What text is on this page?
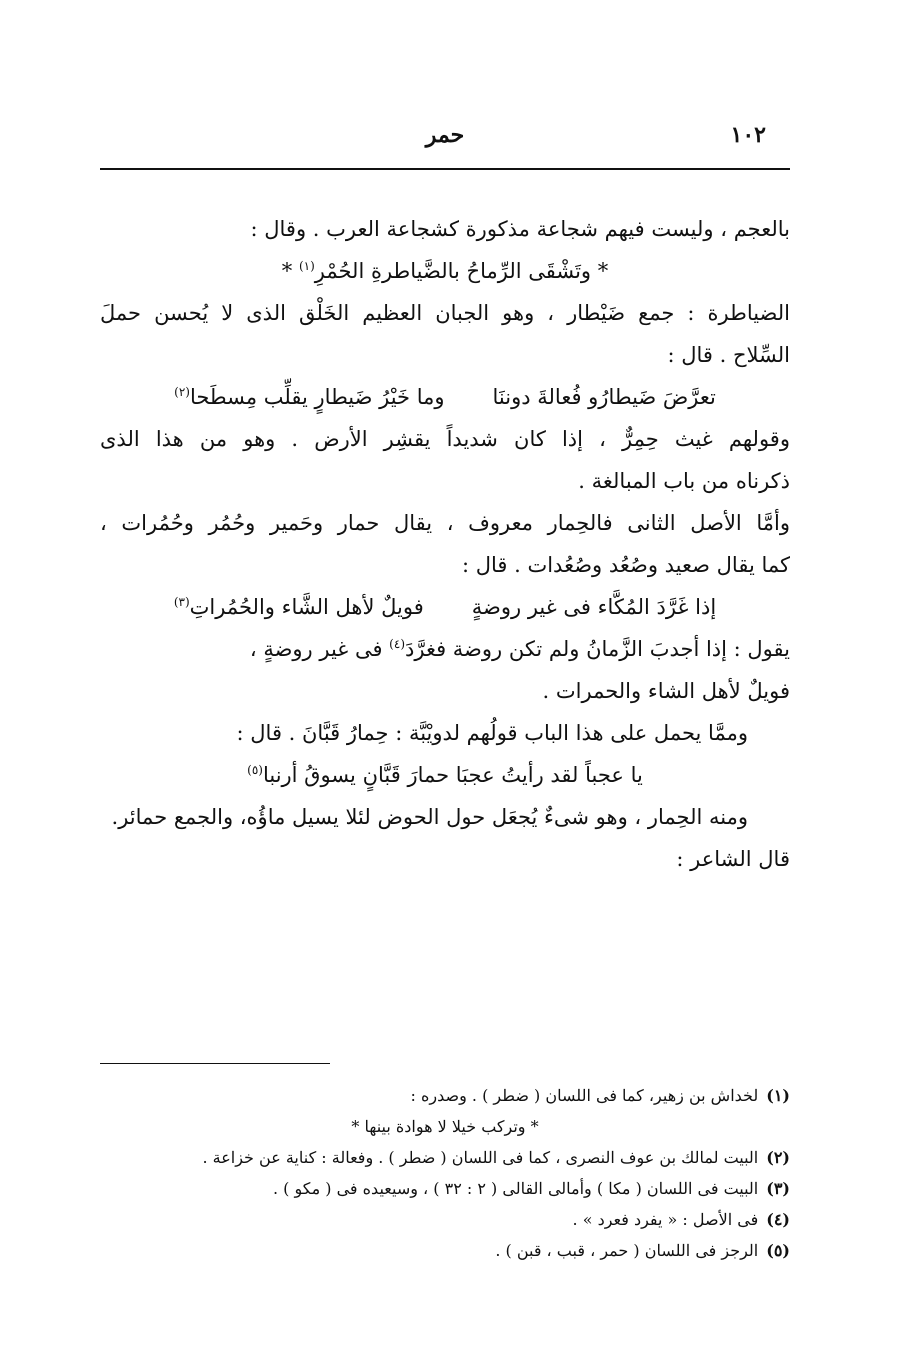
١٠٢
حمر
بالعجم ، وليست فيهم شجاعة مذكورة كشجاعة العرب . وقال :
* وتَشْقَى الرِّماحُ بالضَّياطرةِ الحُمْرِ$^{(١)}$ *
الضياطرة : جمع ضَيْطار ، وهو الجبان العظيم الخَلْق الذى لا يُحسن حملَ
السِّلاح . قال :
تعرَّضَ ضَيطارُو فُعالةَ دوننَا
وما خَيْرُ ضَيطارٍ يقلِّب مِسطَحا$^{(٢)}$
وقولهم غيث حِمِرٌّ ، إذا كان شديداً يقشِر الأرض . وهو من هذا الذى
ذكرناه من باب المبالغة .
وأمَّا الأصل الثانى فالحِمار معروف ، يقال حمار وحَمير وحُمُر وحُمُرات ،
كما يقال صعيد وصُعُد وصُعُدات . قال :
إذا غَرَّدَ المُكَّاء فى غير روضةٍ
فويلٌ لأهل الشَّاء والحُمُراتِ$^{(٣)}$
يقول : إذا أجدبَ الزَّمانُ ولم تكن روضة فغرَّدَ$^{(٤)}$ فى غير روضةٍ ،
فويلٌ لأهل الشاء والحمرات .
وممَّا يحمل على هذا الباب قولُهم لدويْبَّة : حِمارُ قَبَّانَ . قال :
يا عجباً لقد رأيتُ عجبَا حمارَ قَبَّانٍ يسوقُ أرنبا$^{(٥)}$
ومنه الحِمار ، وهو شىءٌ يُجعَل حول الحوض لئلا يسيل ماؤُه، والجمع حمائر.
قال الشاعر :
(١)لخداش بن زهير، كما فى اللسان ( ضطر ) . وصدره :
* وتركب خيلا لا هوادة بينها *
(٢)البيت لمالك بن عوف النصرى ، كما فى اللسان ( ضطر ) . وفعالة : كناية عن خزاعة .
(٣)البيت فى اللسان ( مكا ) وأمالى القالى ( ٢ : ٣٢ ) ، وسيعيده فى ( مكو ) .
(٤)فى الأصل : « يفرد فعرد » .
(٥)الرجز فى اللسان ( حمر ، قبب ، قبن ) .
